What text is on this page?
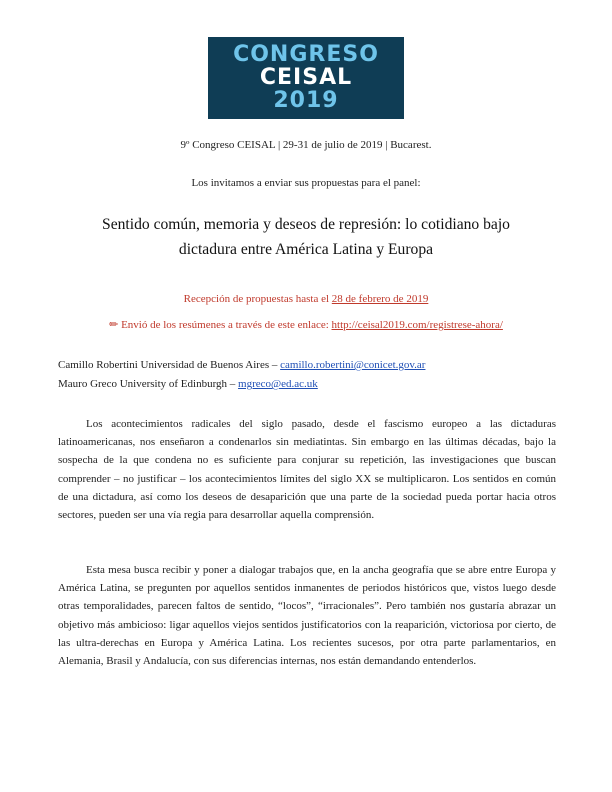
CONGRESO
CEISAL
2019
9º Congreso CEISAL | 29-31 de julio de 2019 | Bucarest.
Los invitamos a enviar sus propuestas para el panel:
Sentido común, memoria y deseos de represión: lo cotidiano bajo
dictadura entre América Latina y Europa
Recepción de propuestas hasta el 28 de febrero de 2019
✏ Envió de los resúmenes a través de este enlace: http://ceisal2019.com/registrese-ahora/
Camillo Robertini Universidad de Buenos Aires – camillo.robertini@conicet.gov.ar
Mauro Greco University of Edinburgh – mgreco@ed.ac.uk

Los acontecimientos radicales del siglo pasado, desde el fascismo europeo a las dictaduras latinoamericanas, nos enseñaron a condenarlos sin mediatintas. Sin embargo en las últimas décadas, bajo la sospecha de la que condena no es suficiente para conjurar su repetición, las investigaciones que buscan comprender – no justificar – los acontecimientos límites del siglo XX se multiplicaron. Los sentidos en común de una dictadura, así como los deseos de desaparición que una parte de la sociedad pueda portar hacia otros sectores, pueden ser una vía regia para desarrollar aquella comprensión.

Esta mesa busca recibir y poner a dialogar trabajos que, en la ancha geografía que se abre entre Europa y América Latina, se pregunten por aquellos sentidos inmanentes de periodos históricos que, vistos luego desde otras temporalidades, parecen faltos de sentido, “locos”, “irracionales”. Pero también nos gustaría abrazar un objetivo más ambicioso: ligar aquellos viejos sentidos justificatorios con la reaparición, victoriosa por cierto, de las ultra-derechas en Europa y América Latina. Los recientes sucesos, por otra parte parlamentarios, en Alemania, Brasil y Andalucía, con sus diferencias internas, nos están demandando entenderlos.
